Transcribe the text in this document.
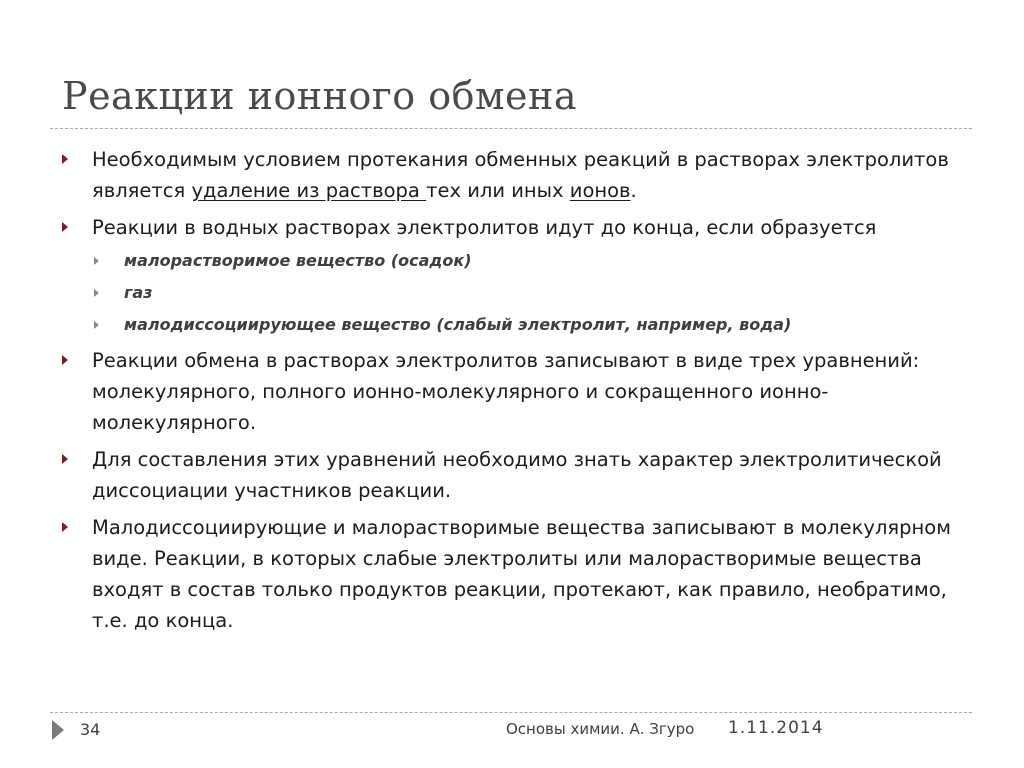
Реакции ионного обмена

Необходимым условием протекания обменных реакций в растворах электролитов является удаление из раствора тех или иных ионов.

Реакции в водных растворах электролитов идут до конца, если образуется

малорастворимое вещество (осадок)

газ

малодиссоциирующее вещество (слабый электролит, например, вода)

Реакции обмена в растворах электролитов записывают в виде трех уравнений: молекулярного, полного ионно-молекулярного и сокращенного ионно-молекулярного.

Для составления этих уравнений необходимо знать характер электролитической диссоциации участников реакции.

Малодиссоциирующие и малорастворимые вещества записывают в молекулярном виде. Реакции, в которых слабые электролиты или малорастворимые вещества входят в состав только продуктов реакции, протекают, как правило, необратимо, т.е. до конца.

34	Основы химии. А. Згуро 1.11.2014
